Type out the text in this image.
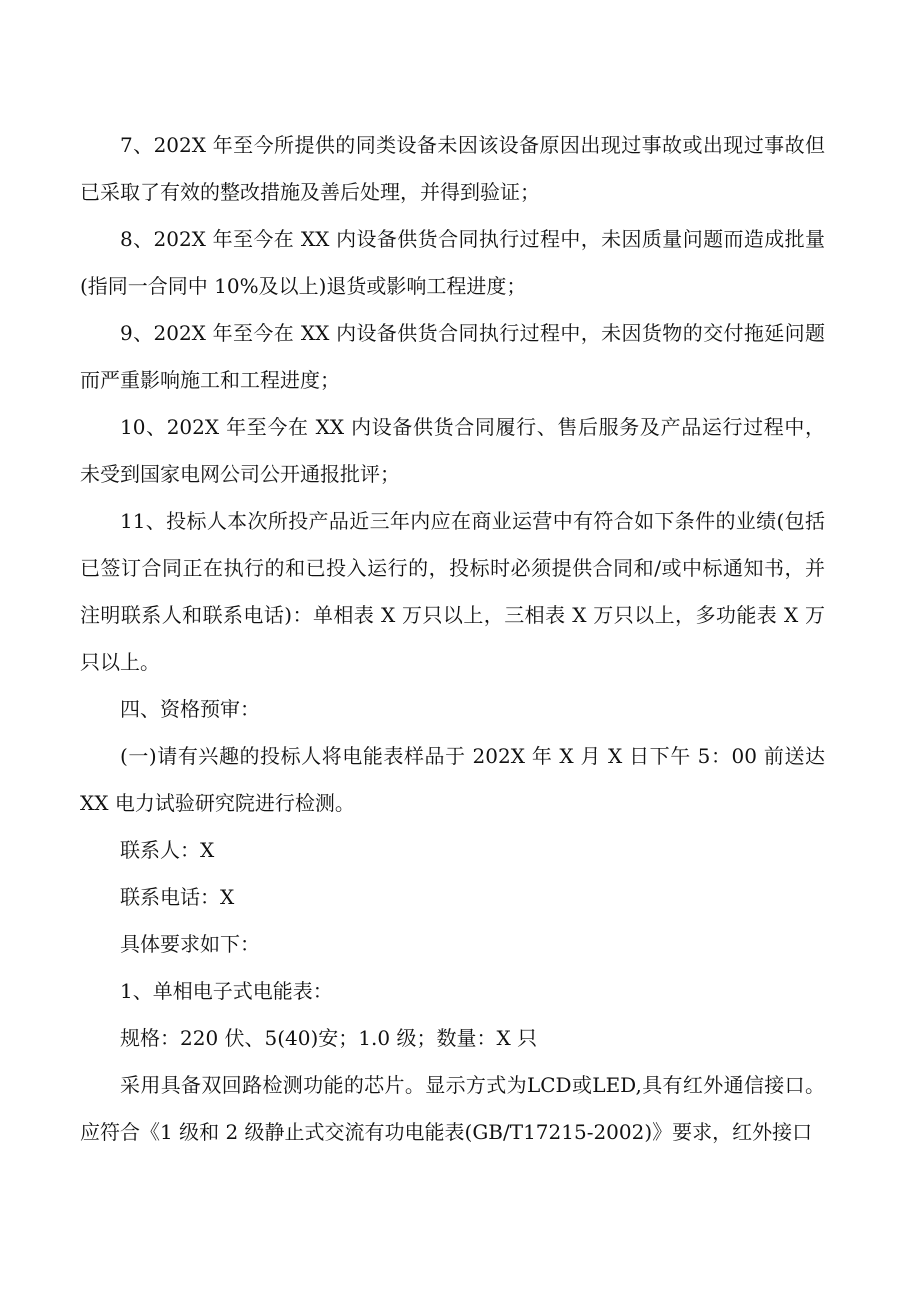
7、202X 年至今所提供的同类设备未因该设备原因出现过事故或出现过事故但已采取了有效的整改措施及善后处理，并得到验证；

8、202X 年至今在 XX 内设备供货合同执行过程中，未因质量问题而造成批量(指同一合同中 10%及以上)退货或影响工程进度；

9、202X 年至今在 XX 内设备供货合同执行过程中，未因货物的交付拖延问题而严重影响施工和工程进度；

10、202X 年至今在 XX 内设备供货合同履行、售后服务及产品运行过程中，未受到国家电网公司公开通报批评；

11、投标人本次所投产品近三年内应在商业运营中有符合如下条件的业绩(包括已签订合同正在执行的和已投入运行的，投标时必须提供合同和/或中标通知书，并注明联系人和联系电话)：单相表 X 万只以上，三相表 X 万只以上，多功能表 X 万只以上。

四、资格预审：

(一)请有兴趣的投标人将电能表样品于 202X 年 X 月 X 日下午 5：00 前送达 XX 电力试验研究院进行检测。

联系人：X

联系电话：X

具体要求如下：

1、单相电子式电能表：

规格：220 伏、5(40)安；1.0 级；数量：X 只

采用具备双回路检测功能的芯片。显示方式为LCD或LED,具有红外通信接口。应符合《1 级和 2 级静止式交流有功电能表(GB/T17215-2002)》要求，红外接口
